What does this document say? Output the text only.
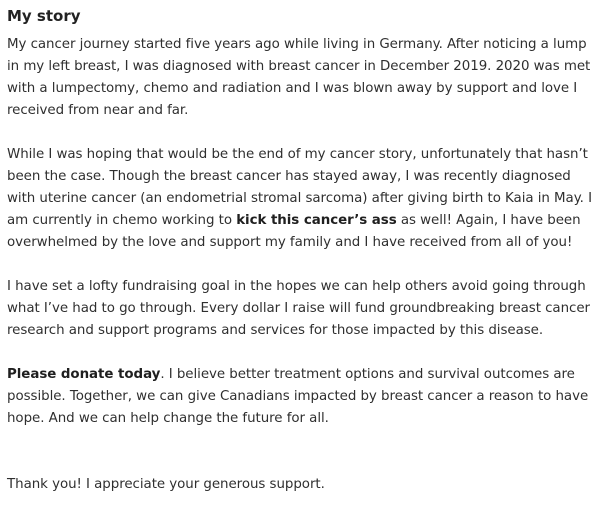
My story

My cancer journey started five years ago while living in Germany. After noticing a lump in my left breast, I was diagnosed with breast cancer in December 2019. 2020 was met with a lumpectomy, chemo and radiation and I was blown away by support and love I received from near and far.

While I was hoping that would be the end of my cancer story, unfortunately that hasn’t been the case. Though the breast cancer has stayed away, I was recently diagnosed with uterine cancer (an endometrial stromal sarcoma) after giving birth to Kaia in May. I am currently in chemo working to kick this cancer’s ass as well! Again, I have been overwhelmed by the love and support my family and I have received from all of you!

I have set a lofty fundraising goal in the hopes we can help others avoid going through what I’ve had to go through. Every dollar I raise will fund groundbreaking breast cancer research and support programs and services for those impacted by this disease.

Please donate today. I believe better treatment options and survival outcomes are possible. Together, we can give Canadians impacted by breast cancer a reason to have hope. And we can help change the future for all.

Thank you! I appreciate your generous support.
